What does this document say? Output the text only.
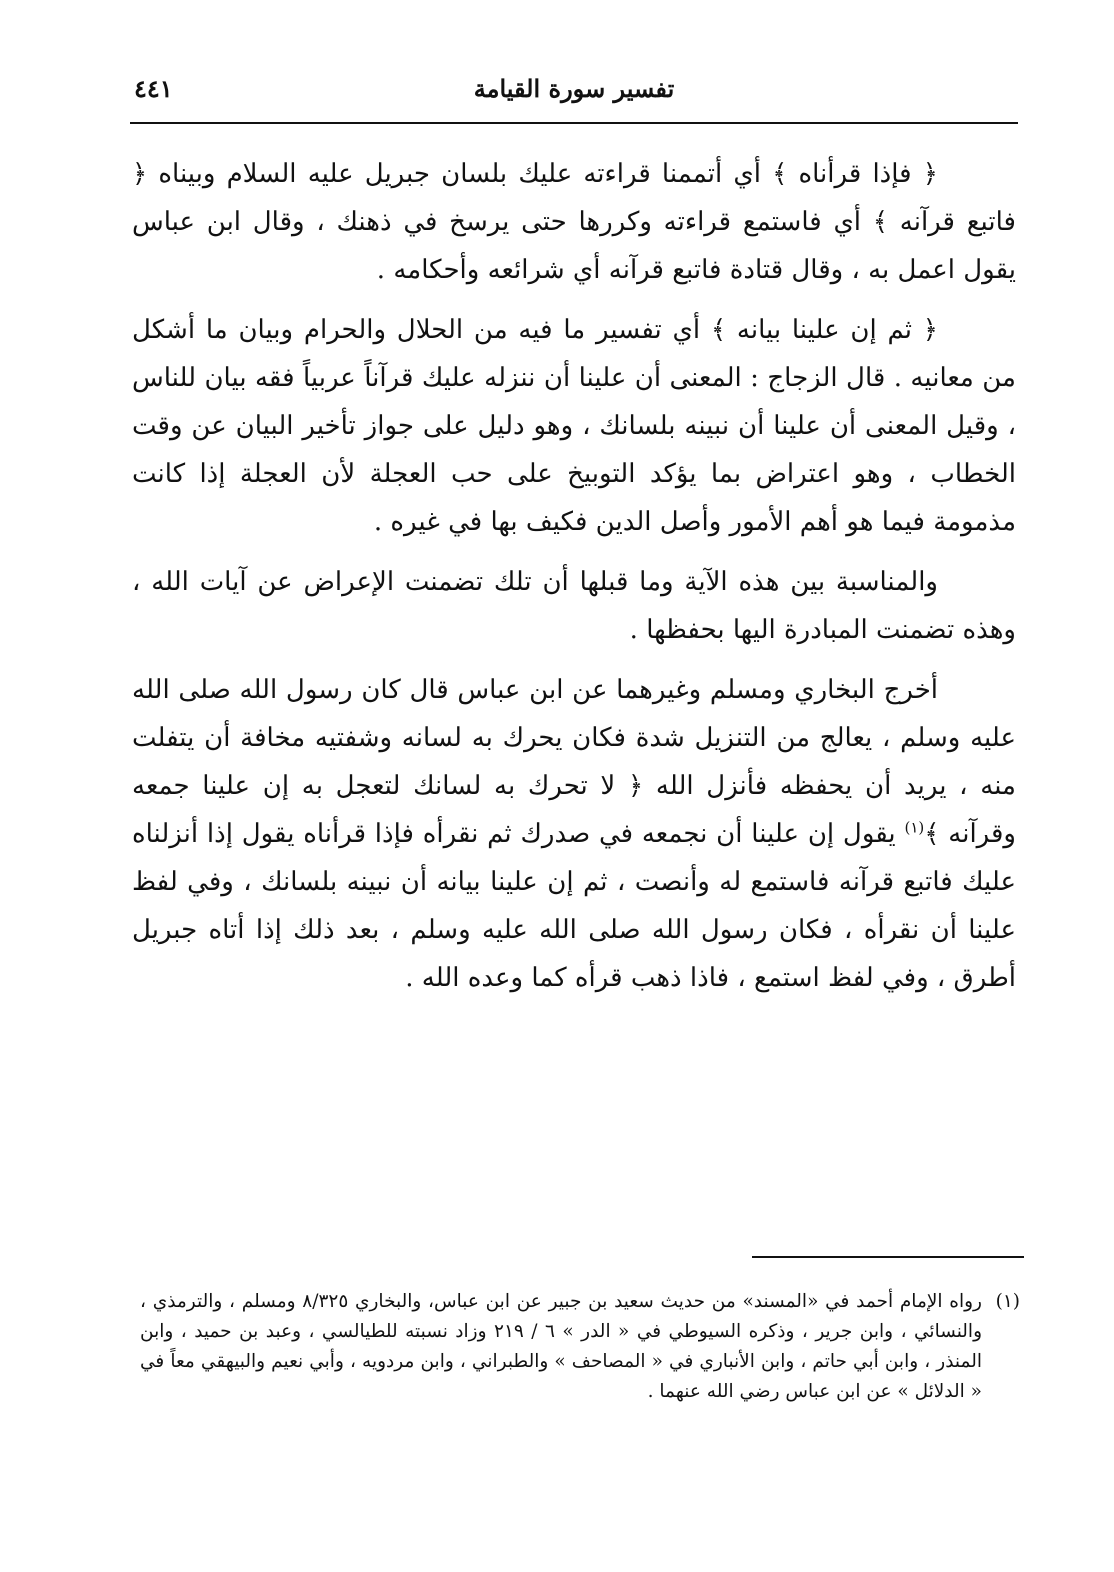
٤٤١	تفسير سورة القيامة

﴿ فإذا قرأناه ﴾ أي أتممنا قراءته عليك بلسان جبريل عليه السلام وبيناه ﴿ فاتبع قرآنه ﴾ أي فاستمع قراءته وكررها حتى يرسخ في ذهنك ، وقال ابن عباس يقول اعمل به ، وقال قتادة فاتبع قرآنه أي شرائعه وأحكامه .

﴿ ثم إن علينا بيانه ﴾ أي تفسير ما فيه من الحلال والحرام وبيان ما أشكل من معانيه . قال الزجاج : المعنى أن علينا أن ننزله عليك قرآناً عربياً فقه بيان للناس ، وقيل المعنى أن علينا أن نبينه بلسانك ، وهو دليل على جواز تأخير البيان عن وقت الخطاب ، وهو اعتراض بما يؤكد التوبيخ على حب العجلة لأن العجلة إذا كانت مذمومة فيما هو أهم الأمور وأصل الدين فكيف بها في غيره .

والمناسبة بين هذه الآية وما قبلها أن تلك تضمنت الإعراض عن آيات الله ، وهذه تضمنت المبادرة اليها بحفظها .

أخرج البخاري ومسلم وغيرهما عن ابن عباس قال كان رسول الله صلى الله عليه وسلم ، يعالج من التنزيل شدة فكان يحرك به لسانه وشفتيه مخافة أن يتفلت منه ، يريد أن يحفظه فأنزل الله ﴿ لا تحرك به لسانك لتعجل به إن علينا جمعه وقرآنه ﴾$^{(١)}$ يقول إن علينا أن نجمعه في صدرك ثم نقرأه فإذا قرأناه يقول إذا أنزلناه عليك فاتبع قرآنه فاستمع له وأنصت ، ثم إن علينا بيانه أن نبينه بلسانك ، وفي لفظ علينا أن نقرأه ، فكان رسول الله صلى الله عليه وسلم ، بعد ذلك إذا أتاه جبريل أطرق ، وفي لفظ استمع ، فاذا ذهب قرأه كما وعده الله .

(١)
رواه الإمام أحمد في «المسند» من حديث سعيد بن جبير عن ابن عباس، والبخاري ٨/٣٢٥ ومسلم ، والترمذي ، والنسائي ، وابن جرير ، وذكره السيوطي في « الدر » ٦ / ٢١٩ وزاد نسبته للطيالسي ، وعبد بن حميد ، وابن المنذر ، وابن أبي حاتم ، وابن الأنباري في « المصاحف » والطبراني ، وابن مردويه ، وأبي نعيم والبيهقي معاً في « الدلائل » عن ابن عباس رضي الله عنهما .
